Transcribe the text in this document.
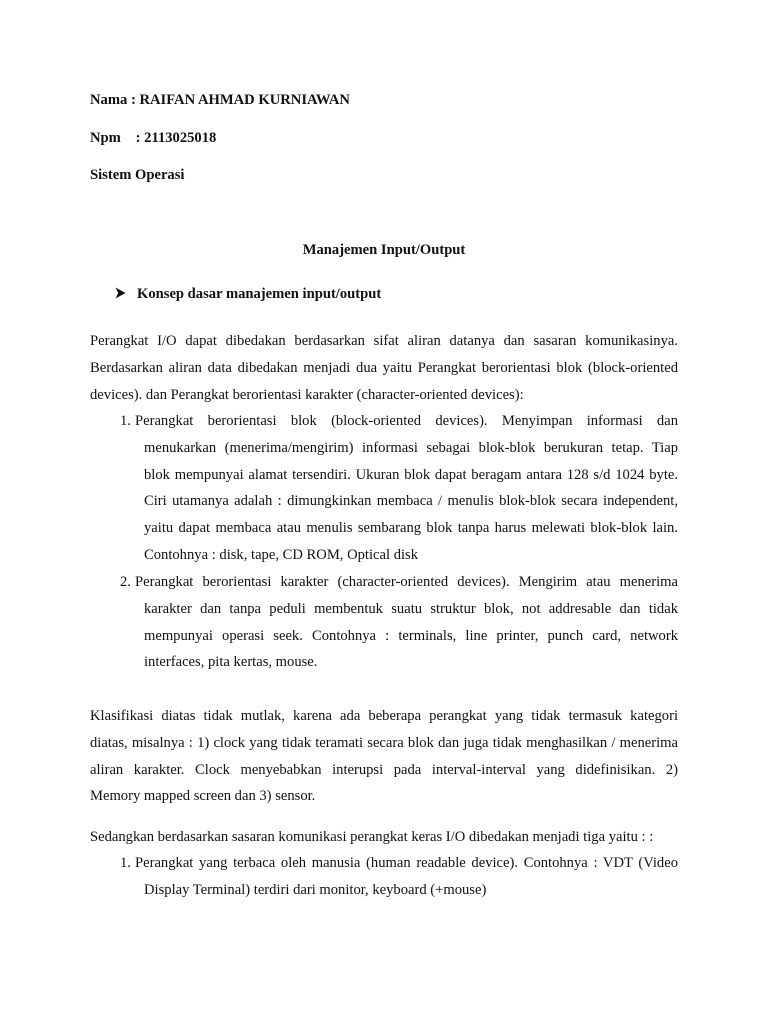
Nama : RAIFAN AHMAD KURNIAWAN
Npm : 2113025018
Sistem Operasi
Manajemen Input/Output
Konsep dasar manajemen input/output
Perangkat I/O dapat dibedakan berdasarkan sifat aliran datanya dan sasaran komunikasinya.
Berdasarkan aliran data dibedakan menjadi dua yaitu Perangkat berorientasi blok (block-oriented
devices). dan Perangkat berorientasi karakter (character-oriented devices):
1. Perangkat berorientasi blok (block-oriented devices). Menyimpan informasi dan
menukarkan (menerima/mengirim) informasi sebagai blok-blok berukuran tetap. Tiap
blok mempunyai alamat tersendiri. Ukuran blok dapat beragam antara 128 s/d 1024 byte.
Ciri utamanya adalah : dimungkinkan membaca / menulis blok-blok secara independent,
yaitu dapat membaca atau menulis sembarang blok tanpa harus melewati blok-blok lain.
Contohnya : disk, tape, CD ROM, Optical disk
2. Perangkat berorientasi karakter (character-oriented devices). Mengirim atau menerima
karakter dan tanpa peduli membentuk suatu struktur blok, not addresable dan tidak
mempunyai operasi seek. Contohnya : terminals, line printer, punch card, network
interfaces, pita kertas, mouse.
Klasifikasi diatas tidak mutlak, karena ada beberapa perangkat yang tidak termasuk kategori
diatas, misalnya : 1) clock yang tidak teramati secara blok dan juga tidak menghasilkan / menerima
aliran karakter. Clock menyebabkan interupsi pada interval-interval yang didefinisikan. 2)
Memory mapped screen dan 3) sensor.
Sedangkan berdasarkan sasaran komunikasi perangkat keras I/O dibedakan menjadi tiga yaitu : :
1. Perangkat yang terbaca oleh manusia (human readable device). Contohnya : VDT (Video
Display Terminal) terdiri dari monitor, keyboard (+mouse)
